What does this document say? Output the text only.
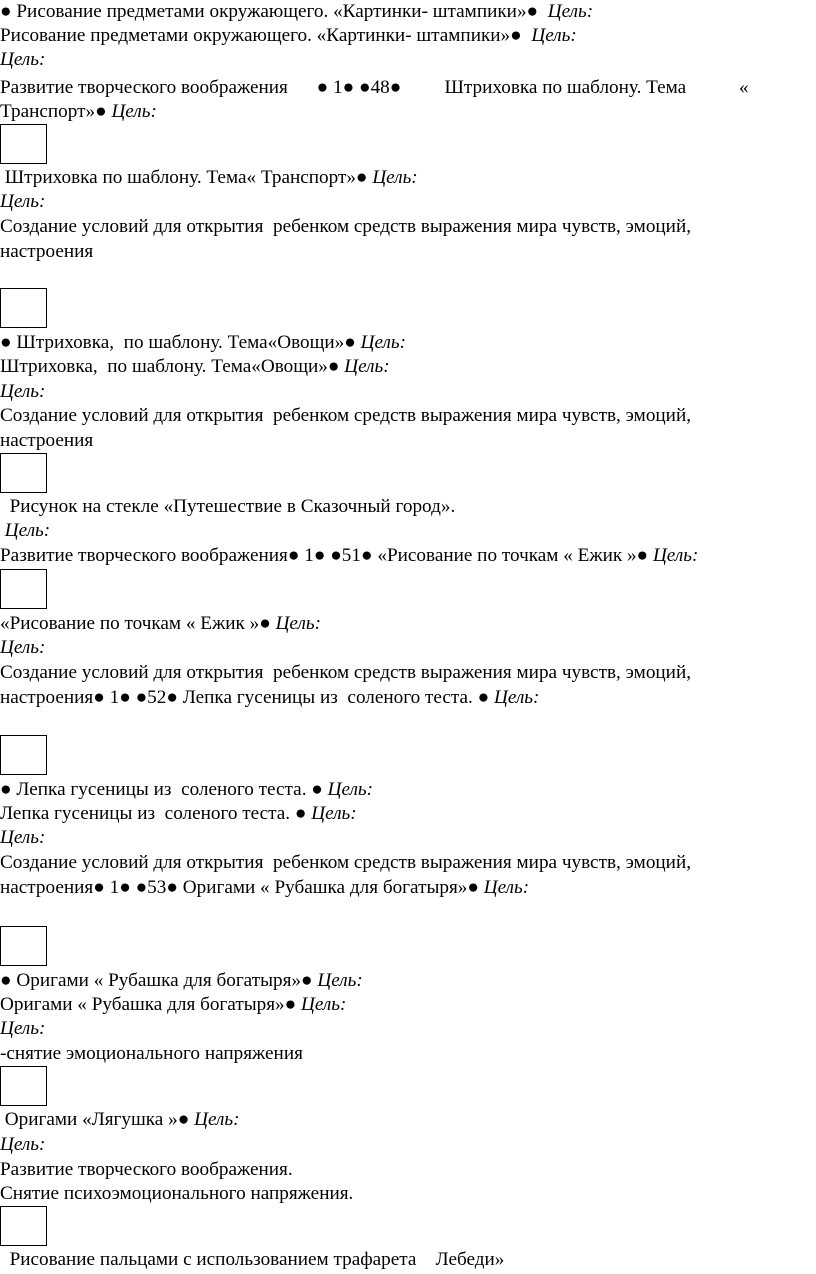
● Рисование предметами окружающего. «Картинки- штампики»●  Цель:
Рисование предметами окружающего. «Картинки- штампики»●  Цель:
Цель:
Развитие творческого воображения      ● 1● ●48●         Штриховка по шаблону. Тема           «
Транспорт»● Цель:
Штриховка по шаблону. Тема« Транспорт»● Цель:
Цель:
Создание условий для открытия  ребенком средств выражения мира чувств, эмоций,
настроения
● Штриховка,  по шаблону. Тема«Овощи»● Цель:
Штриховка,  по шаблону. Тема«Овощи»● Цель:
Цель:
Создание условий для открытия  ребенком средств выражения мира чувств, эмоций,
настроения
Рисунок на стекле «Путешествие в Сказочный город».
Цель:
Развитие творческого воображения● 1● ●51● «Рисование по точкам « Ежик »● Цель:
«Рисование по точкам « Ежик »● Цель:
Цель:
Создание условий для открытия  ребенком средств выражения мира чувств, эмоций,
настроения● 1● ●52● Лепка гусеницы из  соленого теста. ● Цель:
● Лепка гусеницы из  соленого теста. ● Цель:
Лепка гусеницы из  соленого теста. ● Цель:
Цель:
Создание условий для открытия  ребенком средств выражения мира чувств, эмоций,
настроения● 1● ●53● Оригами « Рубашка для богатыря»● Цель:
● Оригами « Рубашка для богатыря»● Цель:
Оригами « Рубашка для богатыря»● Цель:
Цель:
-снятие эмоционального напряжения
Оригами «Лягушка »● Цель:
Цель:
Развитие творческого воображения.
Снятие психоэмоционального напряжения.
Рисование пальцами с использованием трафарета    Лебеди»
